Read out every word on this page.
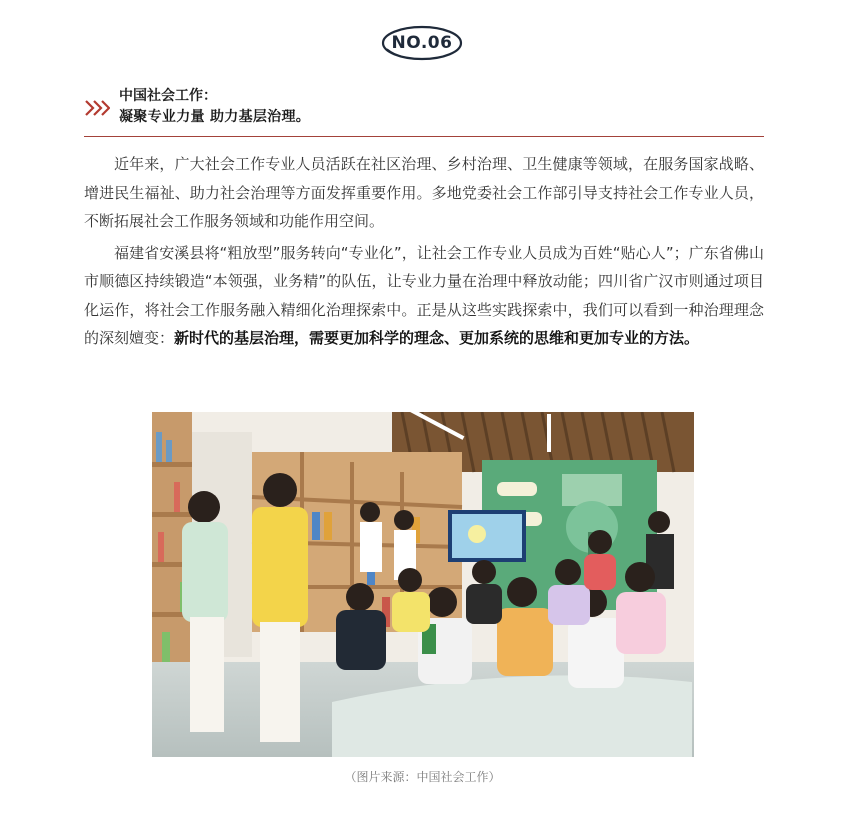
NO.06
中国社会工作：
凝聚专业力量 助力基层治理。

近年来，广大社会工作专业人员活跃在社区治理、乡村治理、卫生健康等领域，在服务国家战略、增进民生福祉、助力社会治理等方面发挥重要作用。多地党委社会工作部引导支持社会工作专业人员，不断拓展社会工作服务领域和功能作用空间。

福建省安溪县将“粗放型”服务转向“专业化”，让社会工作专业人员成为百姓“贴心人”；广东省佛山市顺德区持续锻造“本领强，业务精”的队伍，让专业力量在治理中释放动能；四川省广汉市则通过项目化运作，将社会工作服务融入精细化治理探索中。正是从这些实践探索中，我们可以看到一种治理理念的深刻嬗变：新时代的基层治理，需要更加科学的理念、更加系统的思维和更加专业的方法。

（图片来源：中国社会工作）
